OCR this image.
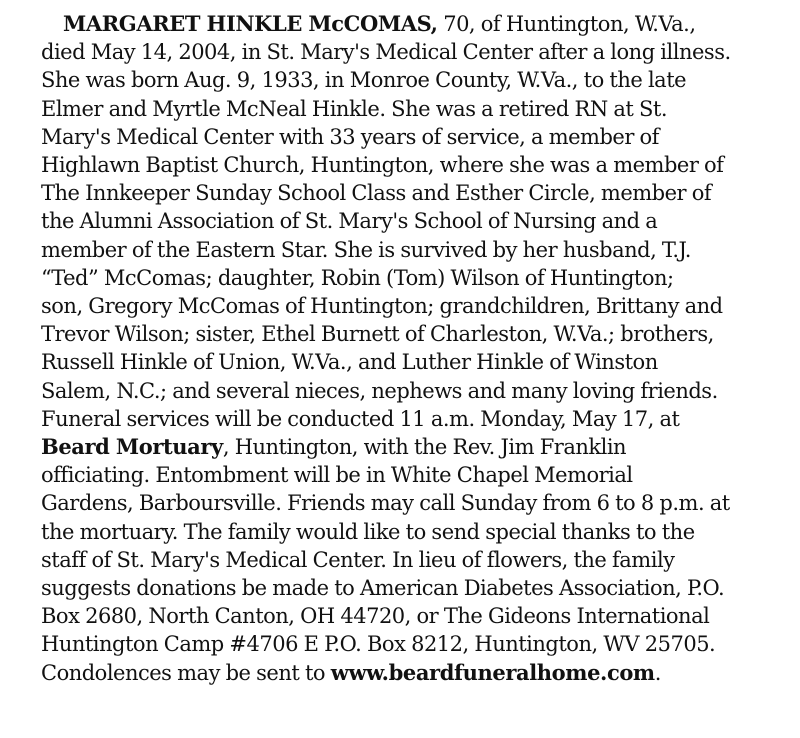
MARGARET HINKLE McCOMAS, 70, of Huntington, W.Va.,
died May 14, 2004, in St. Mary's Medical Center after a long illness.
She was born Aug. 9, 1933, in Monroe County, W.Va., to the late
Elmer and Myrtle McNeal Hinkle. She was a retired RN at St.
Mary's Medical Center with 33 years of service, a member of
Highlawn Baptist Church, Huntington, where she was a member of
The Innkeeper Sunday School Class and Esther Circle, member of
the Alumni Association of St. Mary's School of Nursing and a
member of the Eastern Star. She is survived by her husband, T.J.
“Ted” McComas; daughter, Robin (Tom) Wilson of Huntington;
son, Gregory McComas of Huntington; grandchildren, Brittany and
Trevor Wilson; sister, Ethel Burnett of Charleston, W.Va.; brothers,
Russell Hinkle of Union, W.Va., and Luther Hinkle of Winston
Salem, N.C.; and several nieces, nephews and many loving friends.
Funeral services will be conducted 11 a.m. Monday, May 17, at
Beard Mortuary, Huntington, with the Rev. Jim Franklin
officiating. Entombment will be in White Chapel Memorial
Gardens, Barboursville. Friends may call Sunday from 6 to 8 p.m. at
the mortuary. The family would like to send special thanks to the
staff of St. Mary's Medical Center. In lieu of flowers, the family
suggests donations be made to American Diabetes Association, P.O.
Box 2680, North Canton, OH 44720, or The Gideons International
Huntington Camp #4706 E P.O. Box 8212, Huntington, WV 25705.
Condolences may be sent to www.beardfuneralhome.com.
